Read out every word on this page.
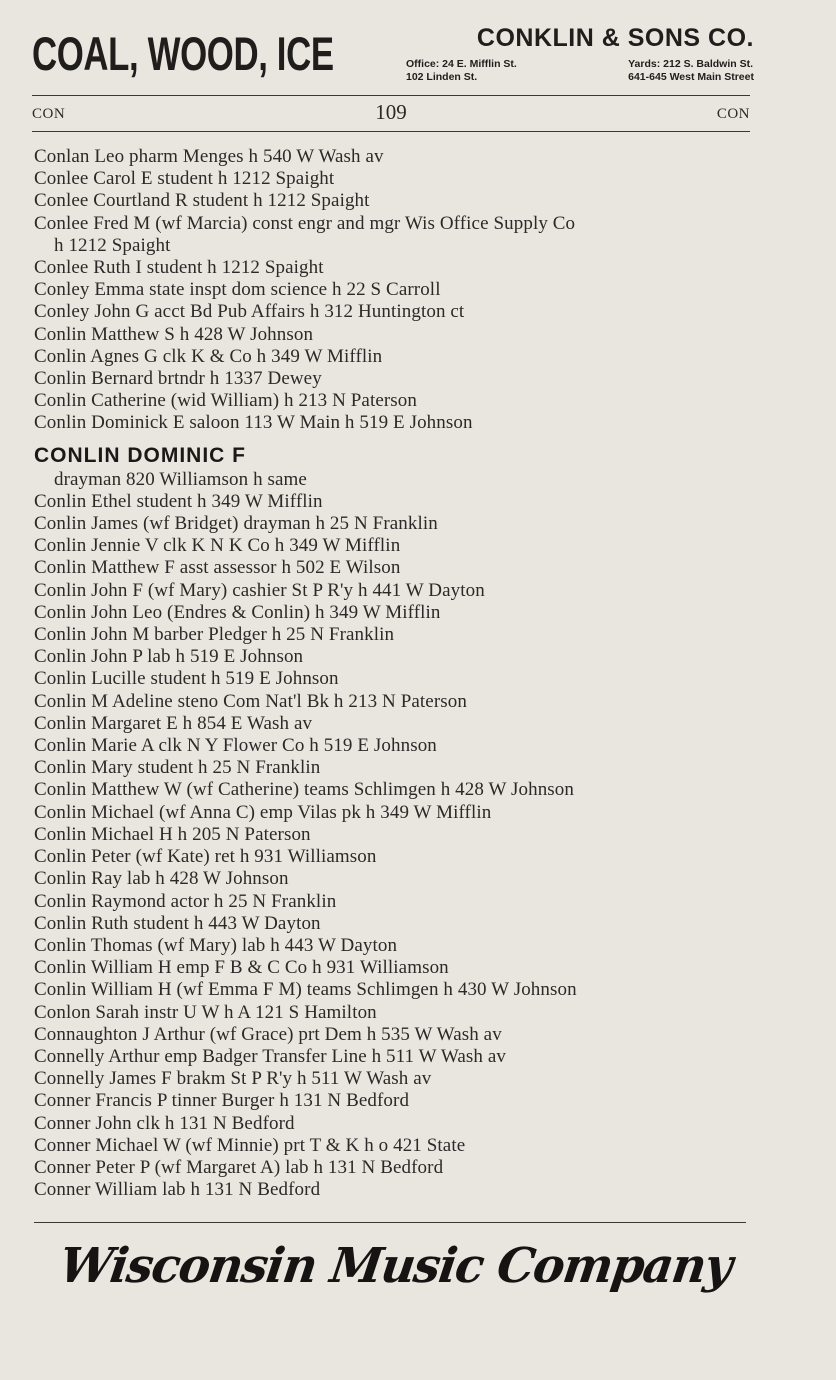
COAL, WOOD, ICE	CONKLIN & SONS CO.
Office: 24 E. Mifflin St.
102 Linden St.
Yards: 212 S. Baldwin St.
641-645 West Main Street
CON	109	CON
Conlan Leo pharm Menges h 540 W Wash av
Conlee Carol E student h 1212 Spaight
Conlee Courtland R student h 1212 Spaight
Conlee Fred M (wf Marcia) const engr and mgr Wis Office Supply Co
h 1212 Spaight
Conlee Ruth I student h 1212 Spaight
Conley Emma state inspt dom science h 22 S Carroll
Conley John G acct Bd Pub Affairs h 312 Huntington ct
Conlin Matthew S h 428 W Johnson
Conlin Agnes G clk K & Co h 349 W Mifflin
Conlin Bernard brtndr h 1337 Dewey
Conlin Catherine (wid William) h 213 N Paterson
Conlin Dominick E saloon 113 W Main h 519 E Johnson
CONLIN DOMINIC F
drayman 820 Williamson h same
Conlin Ethel student h 349 W Mifflin
Conlin James (wf Bridget) drayman h 25 N Franklin
Conlin Jennie V clk K N K Co h 349 W Mifflin
Conlin Matthew F asst assessor h 502 E Wilson
Conlin John F (wf Mary) cashier St P R'y h 441 W Dayton
Conlin John Leo (Endres & Conlin) h 349 W Mifflin
Conlin John M barber Pledger h 25 N Franklin
Conlin John P lab h 519 E Johnson
Conlin Lucille student h 519 E Johnson
Conlin M Adeline steno Com Nat'l Bk h 213 N Paterson
Conlin Margaret E h 854 E Wash av
Conlin Marie A clk N Y Flower Co h 519 E Johnson
Conlin Mary student h 25 N Franklin
Conlin Matthew W (wf Catherine) teams Schlimgen h 428 W Johnson
Conlin Michael (wf Anna C) emp Vilas pk h 349 W Mifflin
Conlin Michael H h 205 N Paterson
Conlin Peter (wf Kate) ret h 931 Williamson
Conlin Ray lab h 428 W Johnson
Conlin Raymond actor h 25 N Franklin
Conlin Ruth student h 443 W Dayton
Conlin Thomas (wf Mary) lab h 443 W Dayton
Conlin William H emp F B & C Co h 931 Williamson
Conlin William H (wf Emma F M) teams Schlimgen h 430 W Johnson
Conlon Sarah instr U W h A 121 S Hamilton
Connaughton J Arthur (wf Grace) prt Dem h 535 W Wash av
Connelly Arthur emp Badger Transfer Line h 511 W Wash av
Connelly James F brakm St P R'y h 511 W Wash av
Conner Francis P tinner Burger h 131 N Bedford
Conner John clk h 131 N Bedford
Conner Michael W (wf Minnie) prt T & K h o 421 State
Conner Peter P (wf Margaret A) lab h 131 N Bedford
Conner William lab h 131 N Bedford
Wisconsin Music Company
